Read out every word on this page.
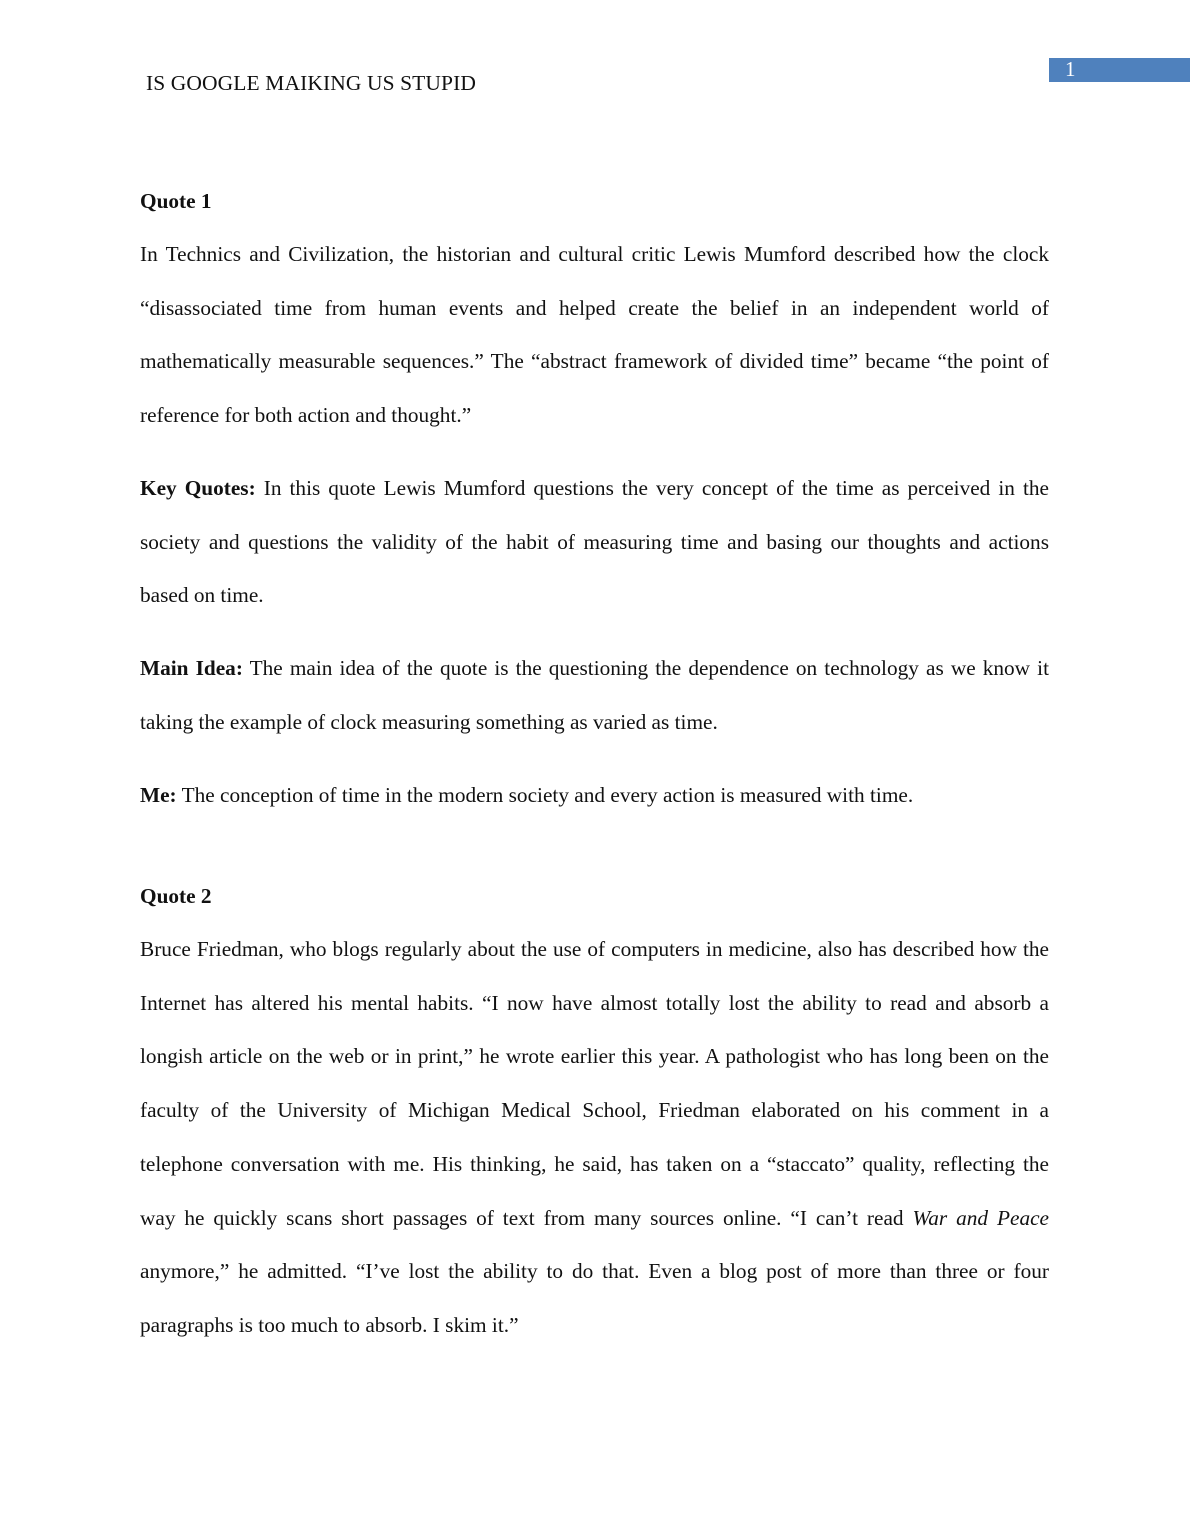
IS GOOGLE MAIKING US STUPID
1
Quote 1
In Technics and Civilization, the historian and cultural critic Lewis Mumford described how the clock “disassociated time from human events and helped create the belief in an independent world of mathematically measurable sequences.” The “abstract framework of divided time” became “the point of reference for both action and thought.”
Key Quotes: In this quote Lewis Mumford questions the very concept of the time as perceived in the society and questions the validity of the habit of measuring time and basing our thoughts and actions based on time.
Main Idea: The main idea of the quote is the questioning the dependence on technology as we know it taking the example of clock measuring something as varied as time.
Me: The conception of time in the modern society and every action is measured with time.
Quote 2
Bruce Friedman, who blogs regularly about the use of computers in medicine, also has described how the Internet has altered his mental habits. “I now have almost totally lost the ability to read and absorb a longish article on the web or in print,” he wrote earlier this year. A pathologist who has long been on the faculty of the University of Michigan Medical School, Friedman elaborated on his comment in a telephone conversation with me. His thinking, he said, has taken on a “staccato” quality, reflecting the way he quickly scans short passages of text from many sources online. “I can’t read War and Peace anymore,” he admitted. “I’ve lost the ability to do that. Even a blog post of more than three or four paragraphs is too much to absorb. I skim it.”
